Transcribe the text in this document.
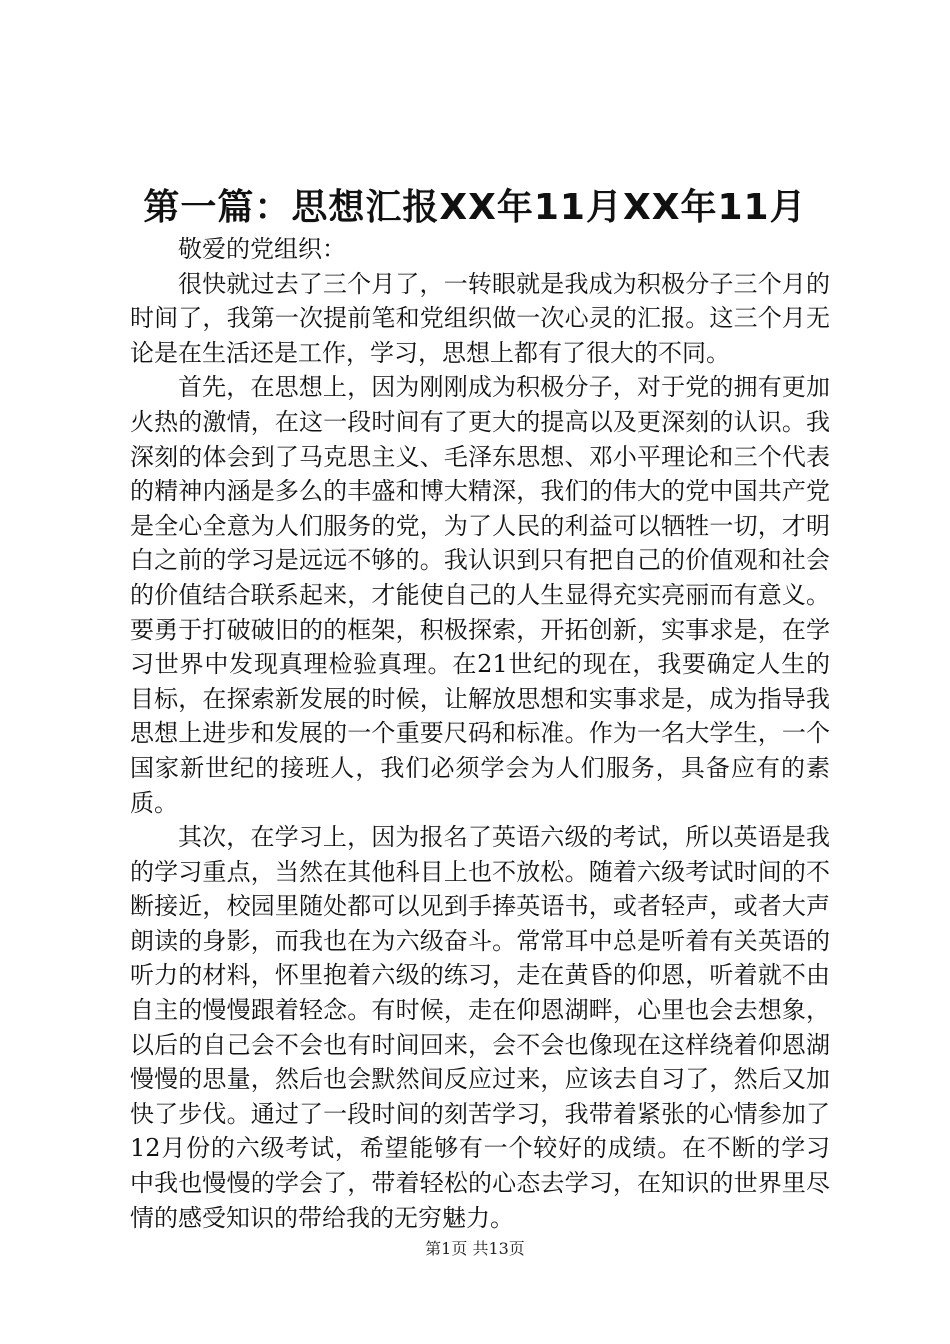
第一篇：思想汇报XX年11月XX年11月

敬爱的党组织：

很快就过去了三个月了，一转眼就是我成为积极分子三个月的时间了，我第一次提前笔和党组织做一次心灵的汇报。这三个月无论是在生活还是工作，学习，思想上都有了很大的不同。

首先，在思想上，因为刚刚成为积极分子，对于党的拥有更加火热的激情，在这一段时间有了更大的提高以及更深刻的认识。我深刻的体会到了马克思主义、毛泽东思想、邓小平理论和三个代表的精神内涵是多么的丰盛和博大精深，我们的伟大的党中国共产党是全心全意为人们服务的党，为了人民的利益可以牺牲一切，才明白之前的学习是远远不够的。我认识到只有把自己的价值观和社会的价值结合联系起来，才能使自己的人生显得充实亮丽而有意义。要勇于打破破旧的的框架，积极探索，开拓创新，实事求是，在学习世界中发现真理检验真理。在21世纪的现在，我要确定人生的目标，在探索新发展的时候，让解放思想和实事求是，成为指导我思想上进步和发展的一个重要尺码和标准。作为一名大学生，一个国家新世纪的接班人，我们必须学会为人们服务，具备应有的素质。

其次，在学习上，因为报名了英语六级的考试，所以英语是我的学习重点，当然在其他科目上也不放松。随着六级考试时间的不断接近，校园里随处都可以见到手捧英语书，或者轻声，或者大声朗读的身影，而我也在为六级奋斗。常常耳中总是听着有关英语的听力的材料，怀里抱着六级的练习，走在黄昏的仰恩，听着就不由自主的慢慢跟着轻念。有时候，走在仰恩湖畔，心里也会去想象，以后的自己会不会也有时间回来，会不会也像现在这样绕着仰恩湖慢慢的思量，然后也会默然间反应过来，应该去自习了，然后又加快了步伐。通过了一段时间的刻苦学习，我带着紧张的心情参加了12月份的六级考试，希望能够有一个较好的成绩。在不断的学习中我也慢慢的学会了，带着轻松的心态去学习，在知识的世界里尽情的感受知识的带给我的无穷魅力。

第1页 共13页
